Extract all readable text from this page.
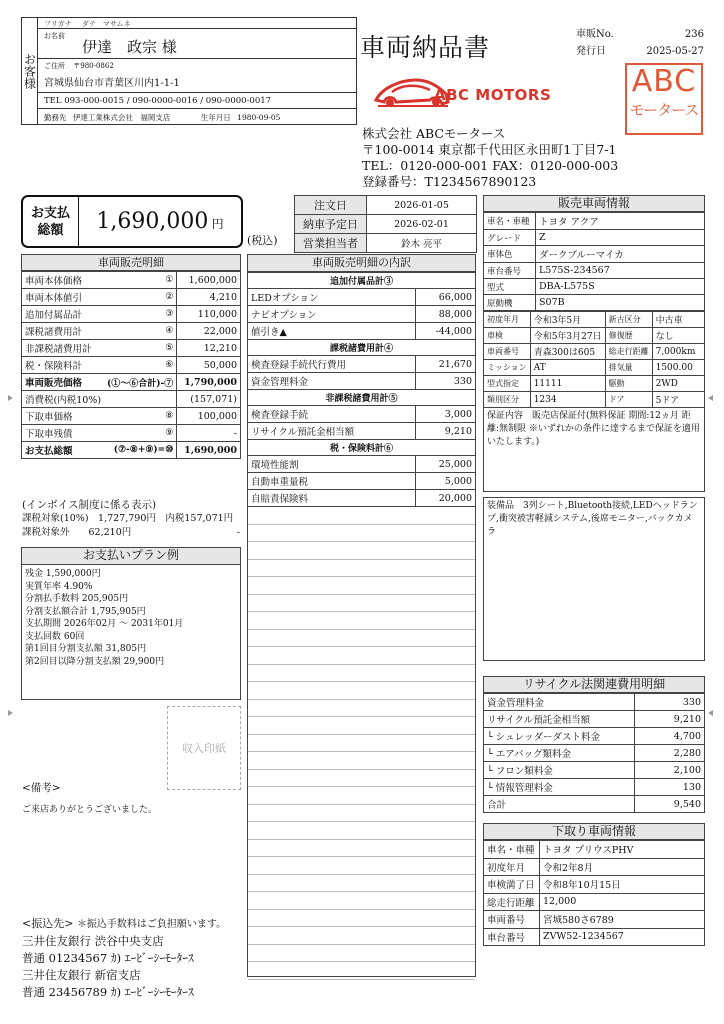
お客様
フリガナ ダテ　マサムネ
お名前
伊達　政宗 様
ご住所 〒980-0862
宮城県仙台市青葉区川内1-1-1
TEL 093-000-0015 / 090-0000-0016 / 090-0000-0017
勤務先 伊達工業株式会社　福岡支店	生年月日 1980-09-05
車両納品書	車販No.	236
発行日	2025-05-27
ABC MOTORS	ABC
モータース
株式会社 ABCモータース
〒100-0014 東京都千代田区永田町1丁目7-1
TEL：0120-000-001 FAX：0120-000-003
登録番号：T1234567890123
お支払
総額	1,690,000 円
(税込)
注文日	2026-01-05
納車予定日	2026-02-01
営業担当者	鈴木 亮平
車両販売明細
車両本体価格	①	1,600,000
車両本体値引	②	4,210
追加付属品計	③	110,000
課税諸費用計	④	22,000
非課税諸費用計	⑤	12,210
税・保険料計	⑥	50,000
車両販売価格	(①〜⑥合計)-⑦	1,790,000
消費税(内税10%)		(157,071)
下取車価格	⑧	100,000
下取車残債	⑨	-
お支払総額	(⑦-⑧+⑨)=⑩	1,690,000
(インボイス制度に係る表示)
課税対象(10%)　1,727,790円　内税157,071円
課税対象外　　62,210円	-
お支払いプラン例
残金 1,590,000円
実質年率 4.90%
分割払手数料 205,905円
分割支払額合計 1,795,905円
支払期間 2026年02月 〜 2031年01月
支払回数 60回
第1回目分割支払額 31,805円
第2回目以降分割支払額 29,900円
収入印紙
<備考>
ご来店ありがとうございました。
<振込先> ＊振込手数料はご負担願います。
三井住友銀行 渋谷中央支店
普通 01234567 ｶ) ｴｰﾋﾞｰｼｰﾓｰﾀｰｽ
三井住友銀行 新宿支店
普通 23456789 ｶ) ｴｰﾋﾞｰｼｰﾓｰﾀｰｽ
車両販売明細の内訳
追加付属品計③	
LEDオプション	66,000
ナビオプション	88,000
値引き▲	-44,000
課税諸費用計④	
検査登録手続代行費用	21,670
資金管理料金	330
非課税諸費用計⑤	
検査登録手続	3,000
リサイクル預託金相当額	9,210
税・保険料計⑥	
環境性能割	25,000
自動車重量税	5,000
自賠責保険料	20,000
販売車両情報
車名・車種	トヨタ アクア
グレード	Z
車体色	ダークブルーマイカ
車台番号	L575S-234567
型式	DBA-L575S
原動機	S07B
初度年月	令和3年5月	新古区分	中古車
車検	令和5年3月27日	修復歴	なし
車両番号	青森300は605	総走行距離	7,000km
ミッション	AT	排気量	1500.00
型式指定	11111	駆動	2WD
類別区分	1234	ドア	5ドア
保証内容　販売店保証付(無料保証 期間:12ヵ月 距離:無制限 ※いずれかの条件に達するまで保証を適用いたします。)
装備品　3列シート,Bluetooth接続,LEDヘッドランプ,衝突被害軽減システム,後席モニター,バックカメラ
リサイクル法関連費用明細
資金管理料金	330
リサイクル預託金相当額	9,210
└ シュレッダーダスト料金	4,700
└ エアバッグ類料金	2,280
└ フロン類料金	2,100
└ 情報管理料金	130
合計	9,540
下取り車両情報
車名・車種	トヨタ プリウスPHV
初度年月	令和2年8月
車検満了日	令和8年10月15日
総走行距離	12,000
車両番号	宮城580さ6789
車台番号	ZVW52-1234567
